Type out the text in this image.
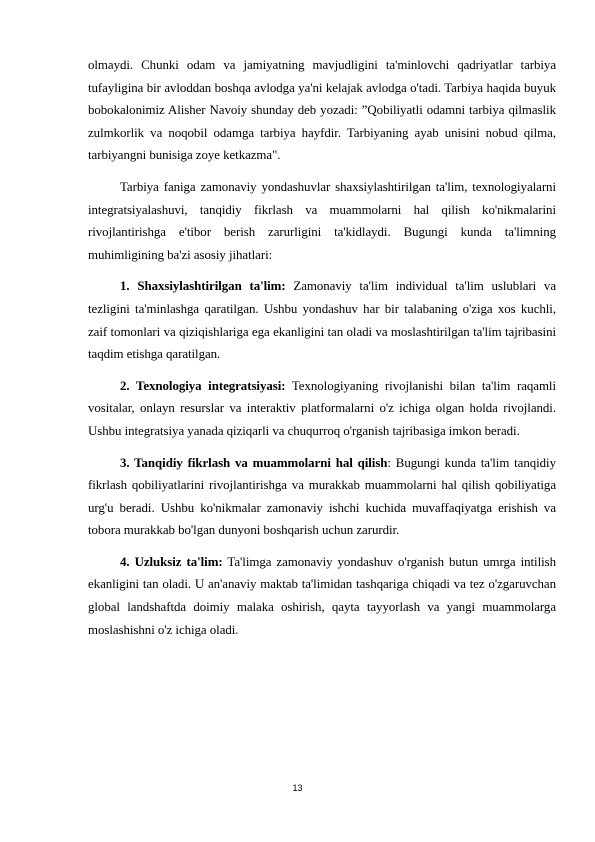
olmaydi. Chunki odam va jamiyatning mavjudligini ta'minlovchi qadriyatlar tarbiya tufayligina bir avloddan boshqa avlodga ya'ni kelajak avlodga o'tadi. Tarbiya haqida buyuk bobokalonimiz Alisher Navoiy shunday deb yozadi: ”Qobiliyatli odamni tarbiya qilmaslik zulmkorlik va noqobil odamga tarbiya hayfdir. Tarbiyaning ayab unisini nobud qilma, tarbiyangni bunisiga zoye ketkazma".

Tarbiya faniga zamonaviy yondashuvlar shaxsiylashtirilgan ta'lim, texnologiyalarni integratsiyalashuvi, tanqidiy fikrlash va muammolarni hal qilish ko'nikmalarini rivojlantirishga e'tibor berish zarurligini ta'kidlaydi. Bugungi kunda ta'limning muhimligining ba'zi asosiy jihatlari:

1. Shaxsiylashtirilgan ta'lim: Zamonaviy ta'lim individual ta'lim uslublari va tezligini ta'minlashga qaratilgan. Ushbu yondashuv har bir talabaning o'ziga xos kuchli, zaif tomonlari va qiziqishlariga ega ekanligini tan oladi va moslashtirilgan ta'lim tajribasini taqdim etishga qaratilgan.

2. Texnologiya integratsiyasi: Texnologiyaning rivojlanishi bilan ta'lim raqamli vositalar, onlayn resurslar va interaktiv platformalarni o'z ichiga olgan holda rivojlandi. Ushbu integratsiya yanada qiziqarli va chuqurroq o'rganish tajribasiga imkon beradi.

3. Tanqidiy fikrlash va muammolarni hal qilish: Bugungi kunda ta'lim tanqidiy fikrlash qobiliyatlarini rivojlantirishga va murakkab muammolarni hal qilish qobiliyatiga urg'u beradi. Ushbu ko'nikmalar zamonaviy ishchi kuchida muvaffaqiyatga erishish va tobora murakkab bo'lgan dunyoni boshqarish uchun zarurdir.

4. Uzluksiz ta'lim: Ta'limga zamonaviy yondashuv o'rganish butun umrga intilish ekanligini tan oladi. U an'anaviy maktab ta'limidan tashqariga chiqadi va tez o'zgaruvchan global landshaftda doimiy malaka oshirish, qayta tayyorlash va yangi muammolarga moslashishni o'z ichiga oladi.

13
